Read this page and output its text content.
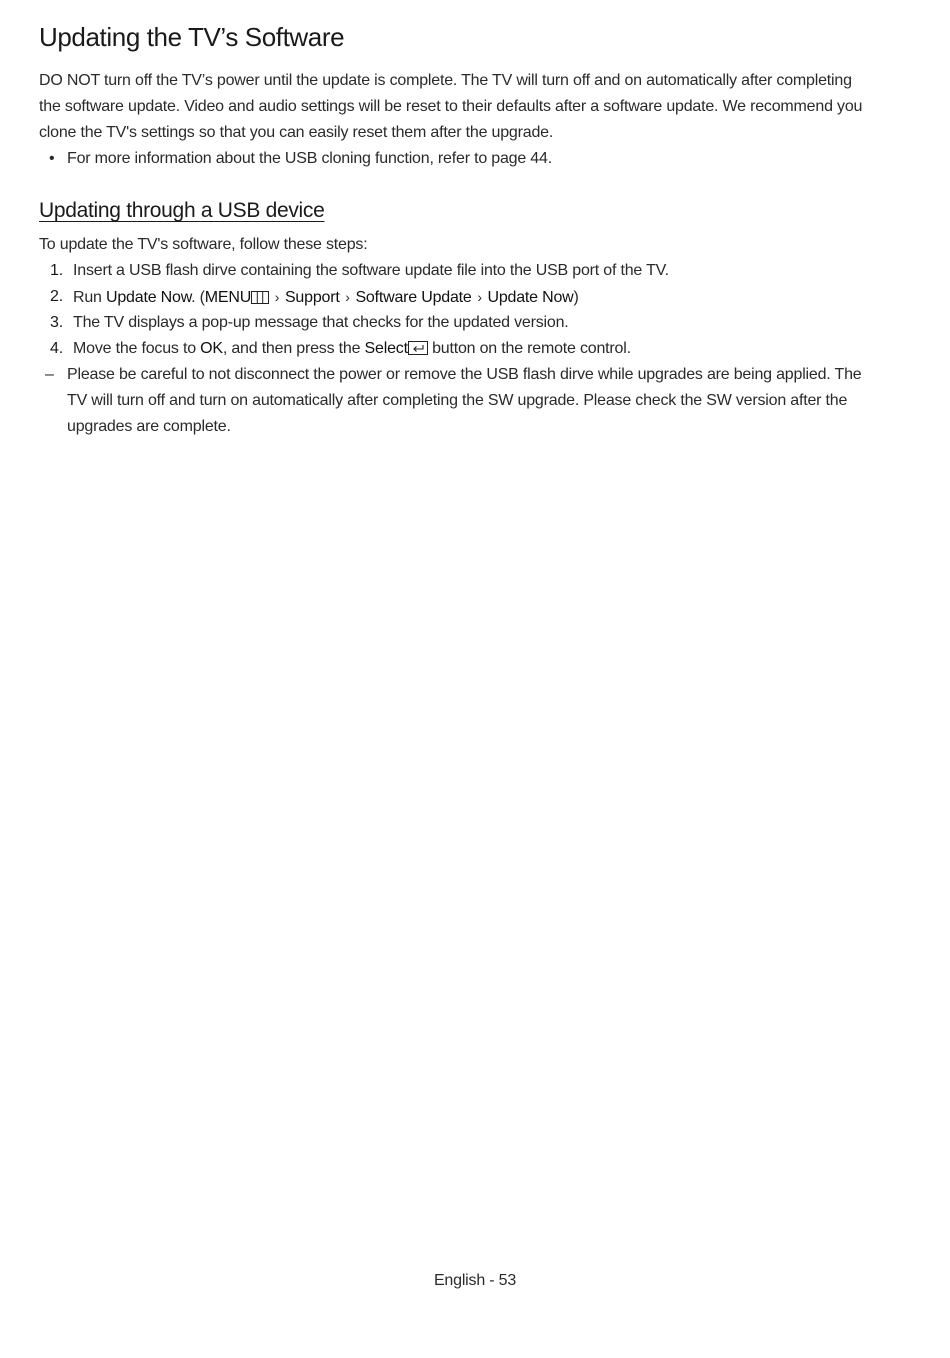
Updating the TV’s Software

DO NOT turn off the TV’s power until the update is complete. The TV will turn off and on automatically after completing the software update. Video and audio settings will be reset to their defaults after a software update. We recommend you clone the TV's settings so that you can easily reset them after the upgrade.

• For more information about the USB cloning function, refer to page 44.
Updating through a USB device
To update the TV's software, follow these steps:
1. Insert a USB flash dirve containing the software update file into the USB port of the TV.
2. Run Update Now. (MENU › Support › Software Update › Update Now)
3. The TV displays a pop-up message that checks for the updated version.
4. Move the focus to OK, and then press the Select button on the remote control.
– Please be careful to not disconnect the power or remove the USB flash dirve while upgrades are being applied. The TV will turn off and turn on automatically after completing the SW upgrade. Please check the SW version after the upgrades are complete.
English - 53
